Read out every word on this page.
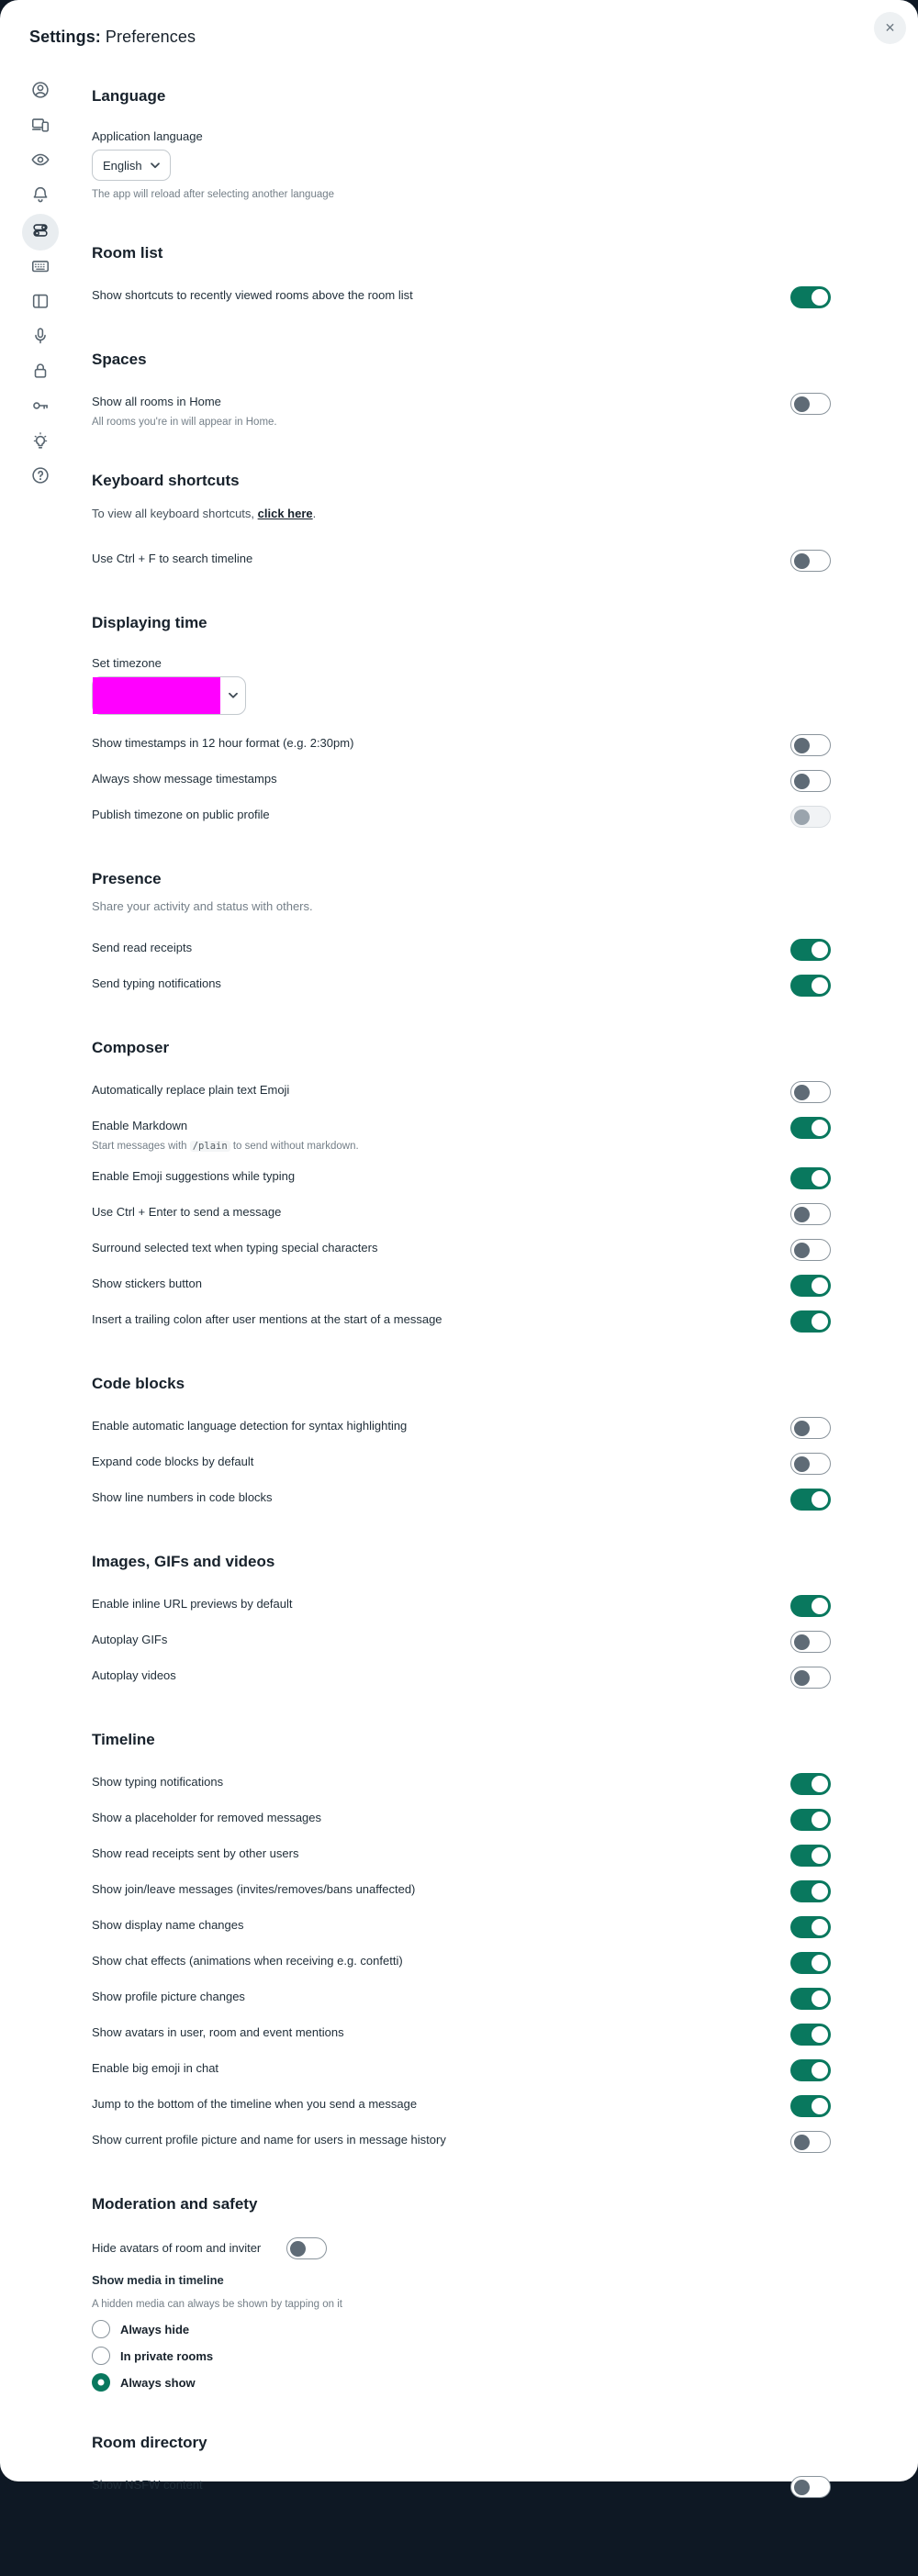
Settings: Preferences	✕
Language
Application language
English
The app will reload after selecting another language
Room list
Show shortcuts to recently viewed rooms above the room list
Spaces
Show all rooms in Home
All rooms you're in will appear in Home.
Keyboard shortcuts

To view all keyboard shortcuts, click here.

Use Ctrl + F to search timeline
Displaying time
Set timezone
Show timestamps in 12 hour format (e.g. 2:30pm)
Always show message timestamps
Publish timezone on public profile
Presence

Share your activity and status with others.

Send read receipts
Send typing notifications
Composer
Automatically replace plain text Emoji
Enable Markdown
Start messages with /plain to send without markdown.
Enable Emoji suggestions while typing
Use Ctrl + Enter to send a message
Surround selected text when typing special characters
Show stickers button
Insert a trailing colon after user mentions at the start of a message
Code blocks
Enable automatic language detection for syntax highlighting
Expand code blocks by default
Show line numbers in code blocks
Images, GIFs and videos
Enable inline URL previews by default
Autoplay GIFs
Autoplay videos
Timeline
Show typing notifications
Show a placeholder for removed messages
Show read receipts sent by other users
Show join/leave messages (invites/removes/bans unaffected)
Show display name changes
Show chat effects (animations when receiving e.g. confetti)
Show profile picture changes
Show avatars in user, room and event mentions
Enable big emoji in chat
Jump to the bottom of the timeline when you send a message
Show current profile picture and name for users in message history
Moderation and safety
Hide avatars of room and inviter
Show media in timeline
A hidden media can always be shown by tapping on it
Always hide
In private rooms
Always show
Room directory
Show NSFW content
